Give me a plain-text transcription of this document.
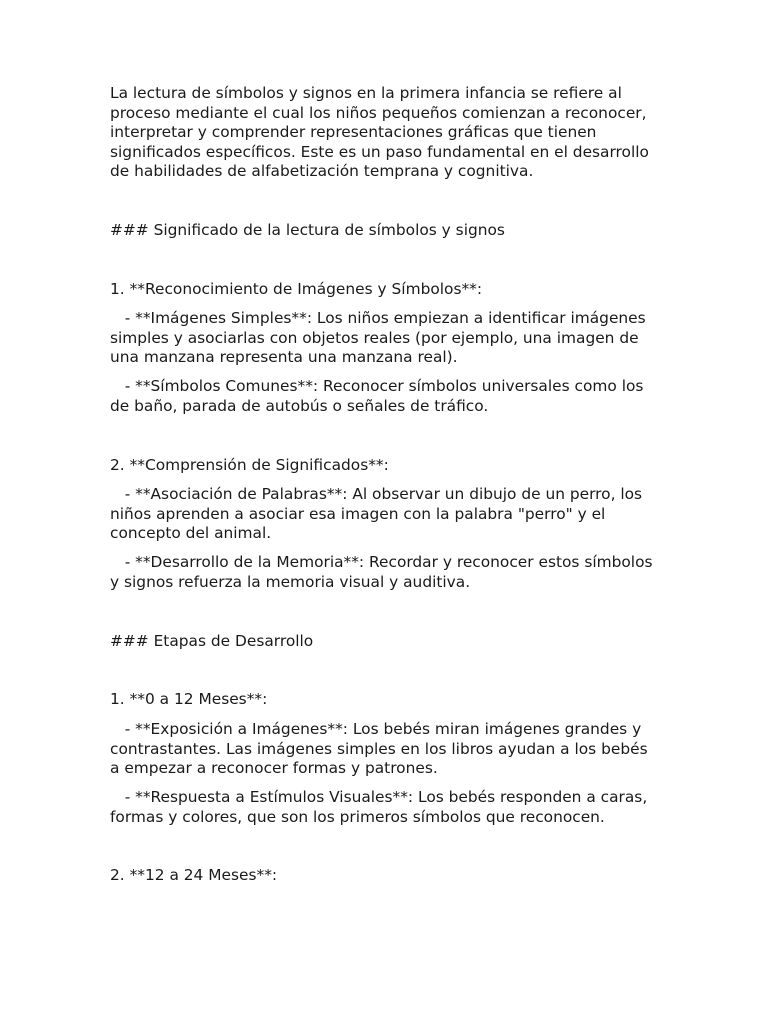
La lectura de símbolos y signos en la primera infancia se refiere al
proceso mediante el cual los niños pequeños comienzan a reconocer,
interpretar y comprender representaciones gráficas que tienen
significados específicos. Este es un paso fundamental en el desarrollo
de habilidades de alfabetización temprana y cognitiva.

### Significado de la lectura de símbolos y signos

1. **Reconocimiento de Imágenes y Símbolos**:

- **Imágenes Simples**: Los niños empiezan a identificar imágenes
simples y asociarlas con objetos reales (por ejemplo, una imagen de
una manzana representa una manzana real).

- **Símbolos Comunes**: Reconocer símbolos universales como los
de baño, parada de autobús o señales de tráfico.

2. **Comprensión de Significados**:

- **Asociación de Palabras**: Al observar un dibujo de un perro, los
niños aprenden a asociar esa imagen con la palabra "perro" y el
concepto del animal.

- **Desarrollo de la Memoria**: Recordar y reconocer estos símbolos
y signos refuerza la memoria visual y auditiva.

### Etapas de Desarrollo

1. **0 a 12 Meses**:

- **Exposición a Imágenes**: Los bebés miran imágenes grandes y
contrastantes. Las imágenes simples en los libros ayudan a los bebés
a empezar a reconocer formas y patrones.

- **Respuesta a Estímulos Visuales**: Los bebés responden a caras,
formas y colores, que son los primeros símbolos que reconocen.

2. **12 a 24 Meses**:
